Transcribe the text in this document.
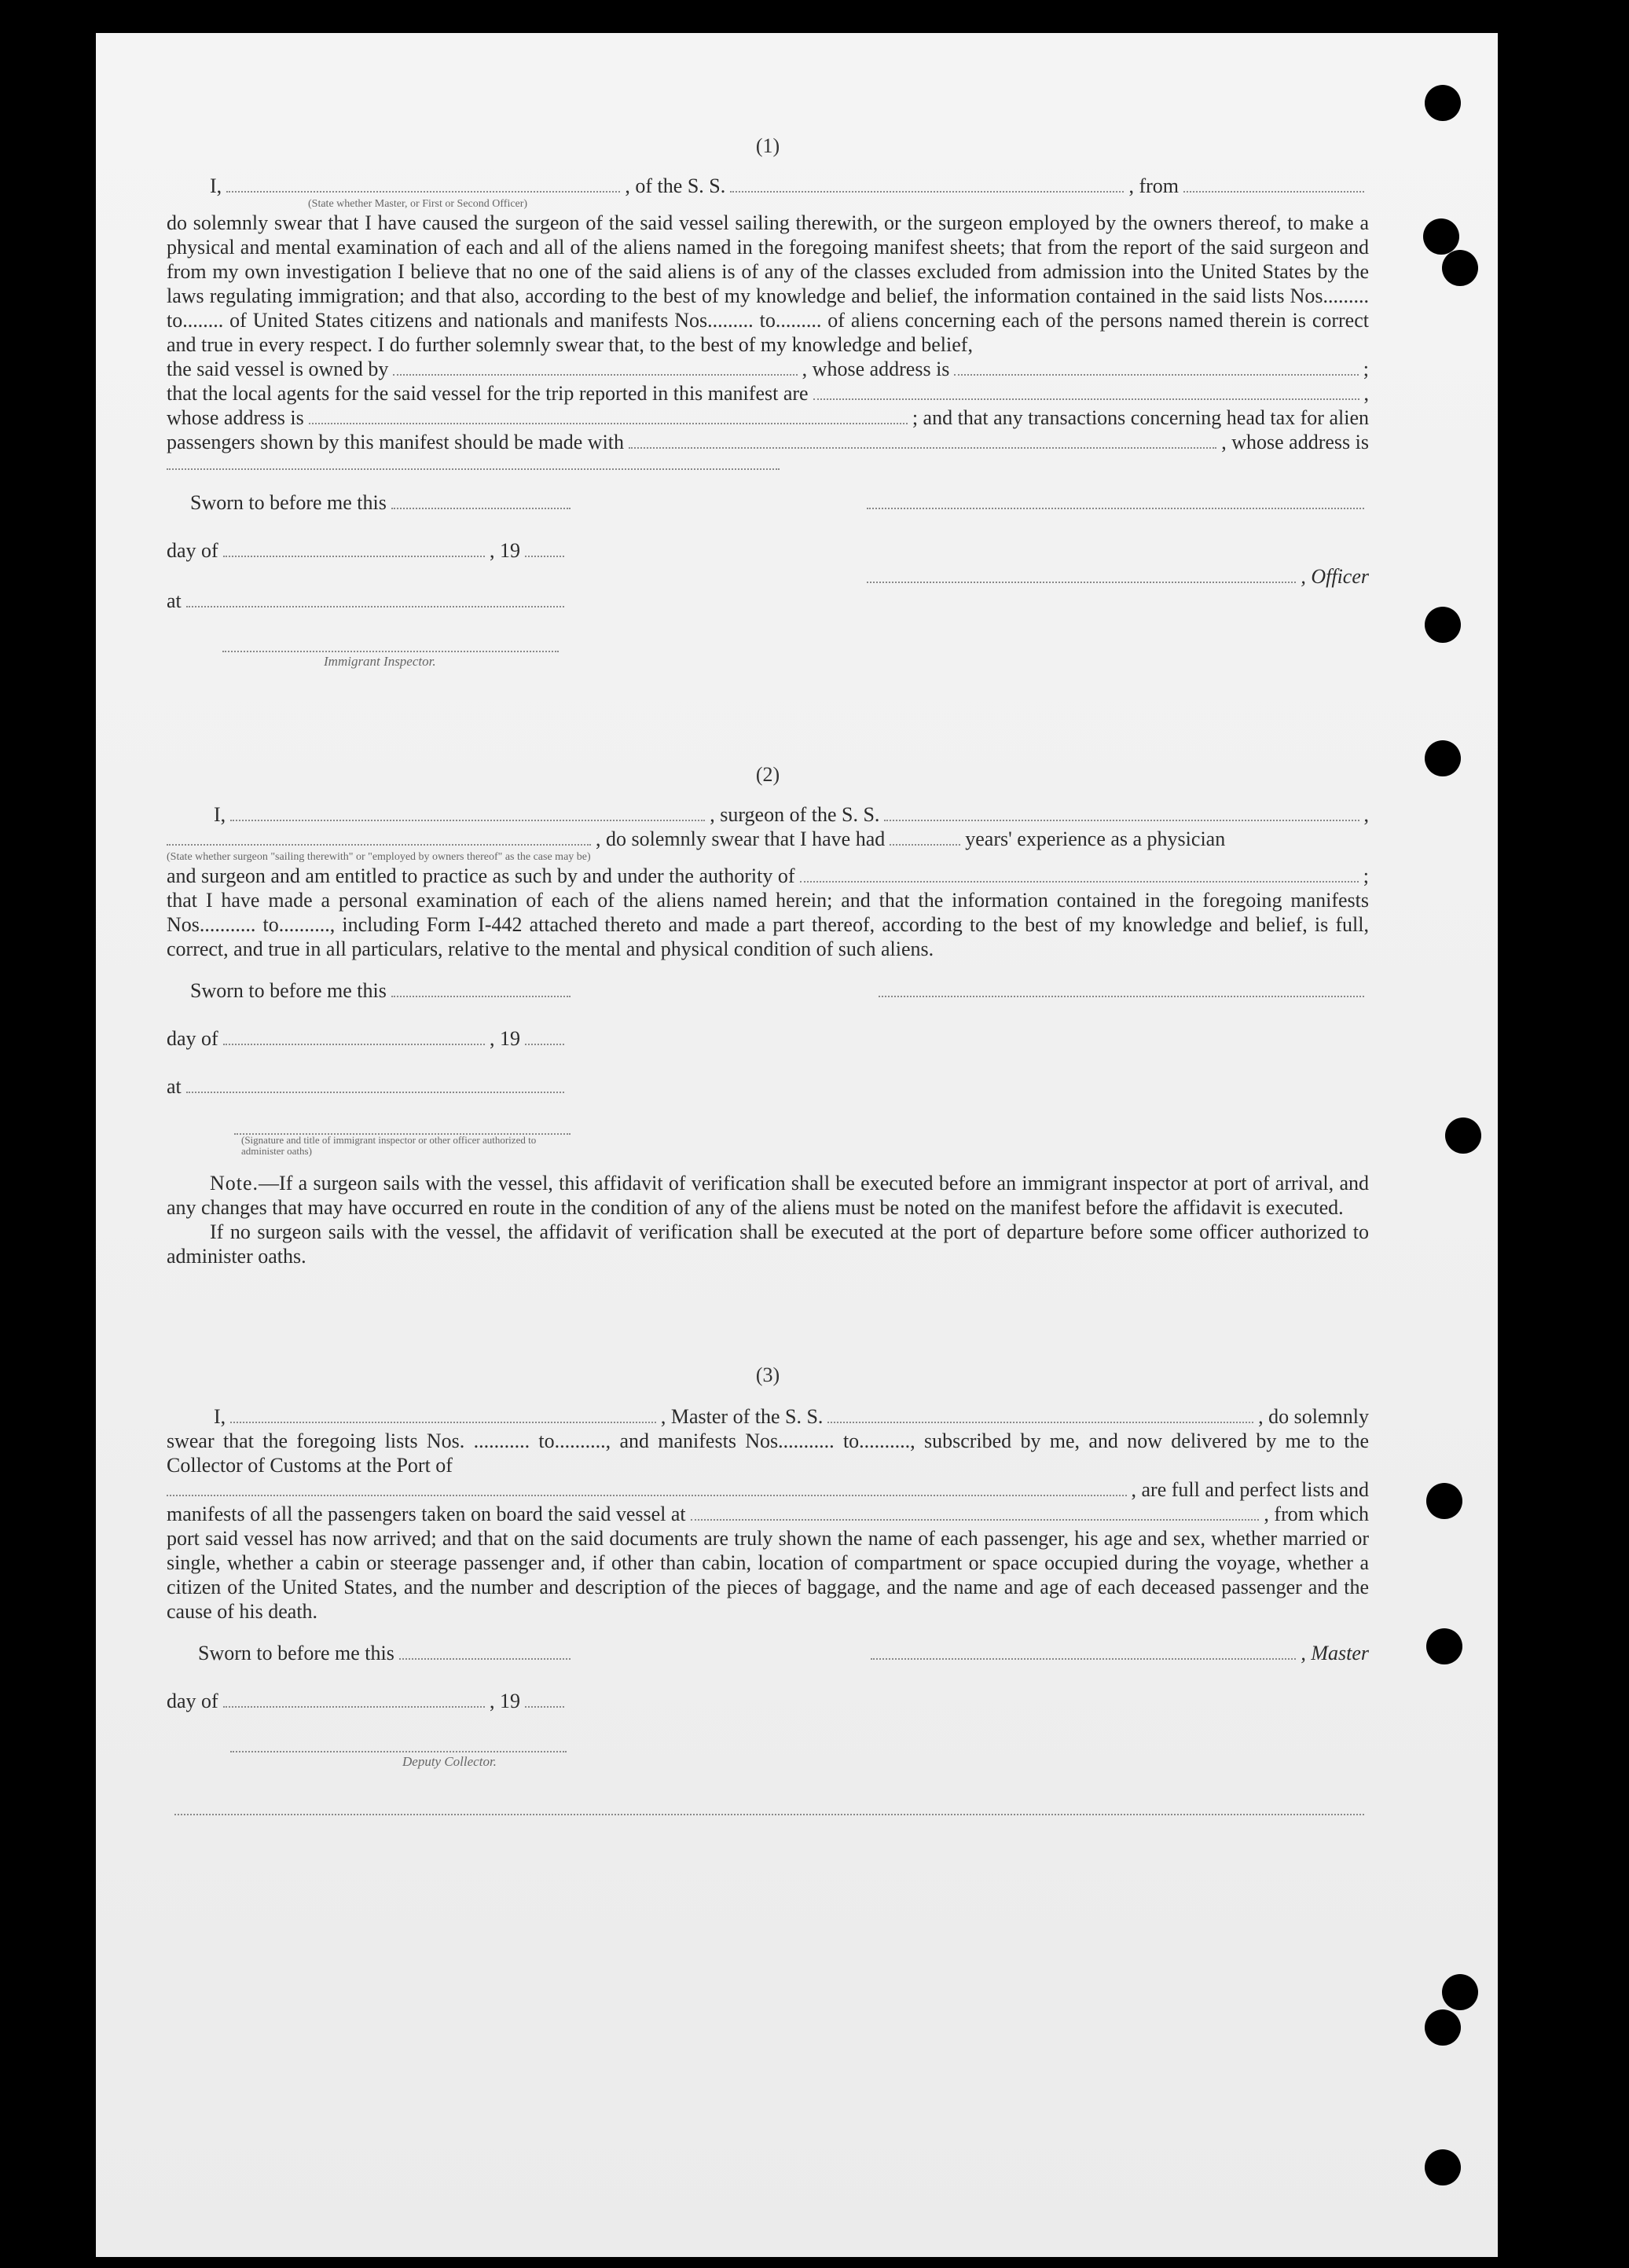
(1)

I,	, of the S. S.	, from
(State whether Master, or First or Second Officer)

do solemnly swear that I have caused the surgeon of the said vessel sailing therewith, or the surgeon employed by the owners thereof, to make a physical and mental examination of each and all of the aliens named in the foregoing manifest sheets; that from the report of the said surgeon and from my own investigation I believe that no one of the said aliens is of any of the classes excluded from admission into the United States by the laws regulating immigration; and that also, according to the best of my knowledge and belief, the information contained in the said lists Nos......... to........ of United States citizens and nationals and manifests Nos......... to......... of aliens concerning each of the persons named therein is correct and true in every respect. I do further solemnly swear that, to the best of my knowledge and belief,

the said vessel is owned by	, whose address is	;
that the local agents for the said vessel for the trip reported in this manifest are	,
whose address is	; and that any transactions concerning head tax for alien
passengers shown by this manifest should be made with	, whose address is
Sworn to before me this
day of	, 19
, Officer
at
Immigrant Inspector.

(2)

I,	, surgeon of the S. S.	,
, do solemnly swear that I have had	years' experience as a physician
(State whether surgeon "sailing therewith" or "employed by owners thereof" as the case may be)
and surgeon and am entitled to practice as such by and under the authority of	;

that I have made a personal examination of each of the aliens named herein; and that the information contained in the foregoing manifests Nos........... to.........., including Form I-442 attached thereto and made a part thereof, according to the best of my knowledge and belief, is full, correct, and true in all particulars, relative to the mental and physical condition of such aliens.

Sworn to before me this
day of	, 19
at
(Signature and title of immigrant inspector or other officer authorized to administer oaths)

Note.—If a surgeon sails with the vessel, this affidavit of verification shall be executed before an immigrant inspector at port of arrival, and any changes that may have occurred en route in the condition of any of the aliens must be noted on the manifest before the affidavit is executed.

If no surgeon sails with the vessel, the affidavit of verification shall be executed at the port of departure before some officer authorized to administer oaths.

(3)

I,	, Master of the S. S.	, do solemnly
swear that the foregoing lists Nos. ........... to.........., and manifests Nos........... to.........., subscribed by me, and now delivered by me to the Collector of Customs at the Port of
, are full and perfect lists and
manifests of all the passengers taken on board the said vessel at	, from which

port said vessel has now arrived; and that on the said documents are truly shown the name of each passenger, his age and sex, whether married or single, whether a cabin or steerage passenger and, if other than cabin, location of compartment or space occupied during the voyage, whether a citizen of the United States, and the number and description of the pieces of baggage, and the name and age of each deceased passenger and the cause of his death.

Sworn to before me this	, Master
day of	, 19
Deputy Collector.
